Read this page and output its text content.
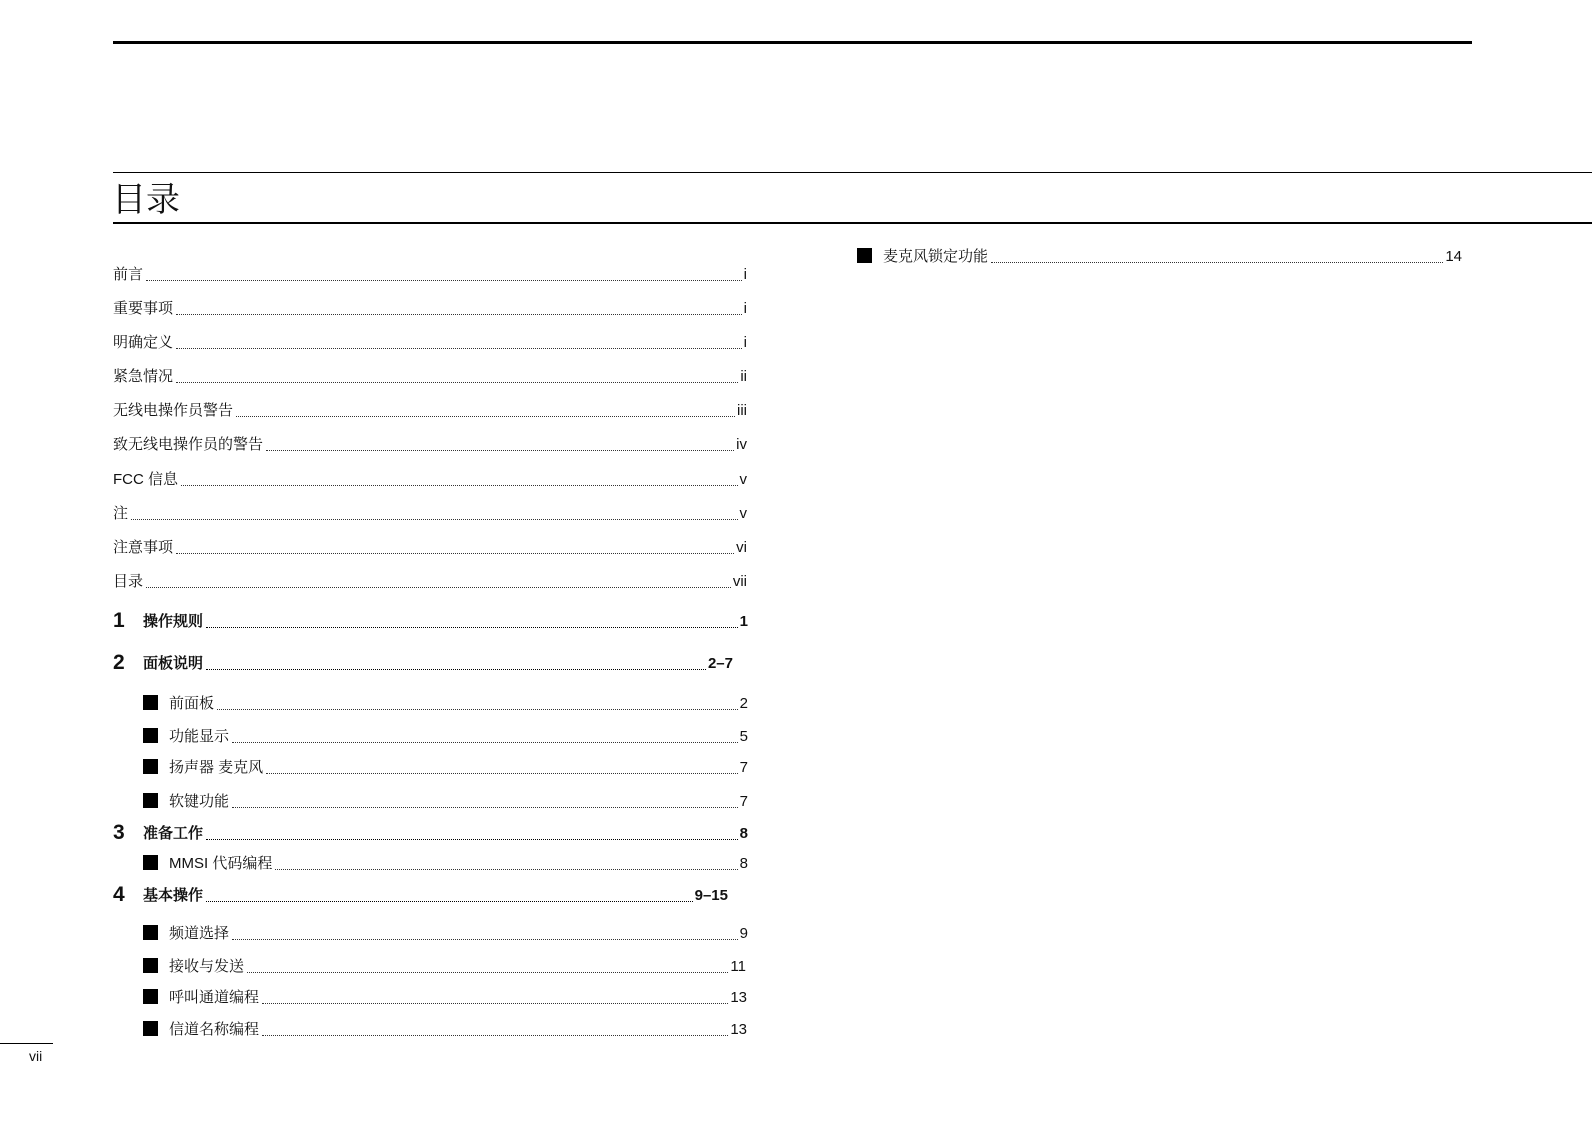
目录
前言	i
重要事项	i
明确定义	i
紧急情况	ii
无线电操作员警告	iii
致无线电操作员的警告	iv
FCC 信息	v
注	v
注意事项	vi
目录	vii
1	操作规则	1
2	面板说明	2–7
前面板	2
功能显示	5
扬声器 麦克风	7
软键功能	7
3	准备工作	8
MMSI 代码编程	8
4	基本操作	9–15
频道选择	9
接收与发送	11
呼叫通道编程	13
信道名称编程	13
麦克风锁定功能	14
vii
